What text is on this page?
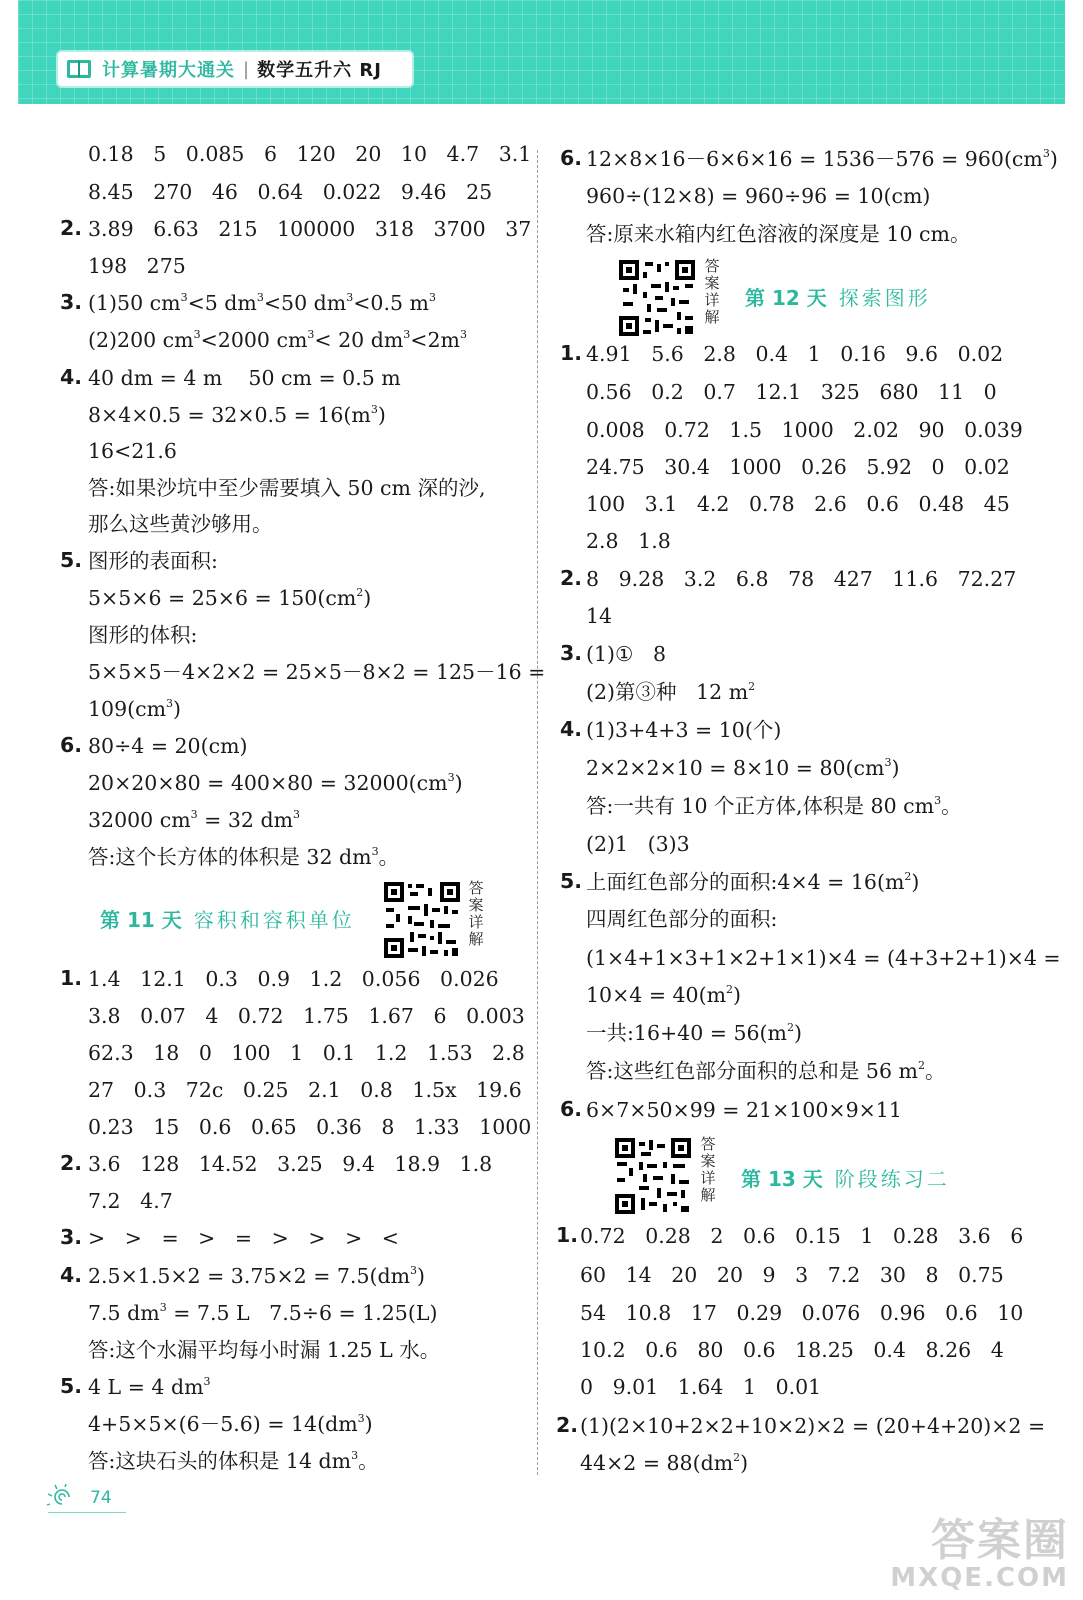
计算暑期大通关 | 数学五升六 RJ
0.18   5   0.085   6   120   20   10   4.7   3.1
8.45   270   46   0.64   0.022   9.46   25
2. 3.89   6.63   215   100000   318   3700   37
198   275
3. (1)50 $cm^3<5$ $dm^3<50$ $dm^3<0.5$ $m^3$
(2)200 $cm^3<2000$ $cm^3< 20$ $dm^3<2m^3$
4. 40 dm = 4 m    50 cm = 0.5 m
$8\times 4\times 0.5 = 32\times 0.5 = 16(m^3)$
16<21.6
答:如果沙坑中至少需要填入 50 cm 深的沙,
那么这些黄沙够用。
5. 图形的表面积:
$5\times 5\times 6 = 25\times 6 = 150(cm^2)$
图形的体积:
5×5×5－4×2×2 = 25×5－8×2 = 125－16 =
$109(cm^3)$
6. 80÷4 = 20(cm)
$20\times 20\times 80 = 400\times 80 = 32000(cm^3)$
32000 $cm^3 = 32$ $dm^3$
答:这个长方体的体积是 32 $dm^3$。
第 11 天 容积和容积单位
答案详解
1. 1.4   12.1   0.3   0.9   1.2   0.056   0.026
3.8   0.07   4   0.72   1.75   1.67   6   0.003
62.3   18   0   100   1   0.1   1.2   1.53   2.8
27   0.3   72c   0.25   2.1   0.8   1.5x   19.6
0.23   15   0.6   0.65   0.36   8   1.33   1000
2. 3.6   128   14.52   3.25   9.4   18.9   1.8
7.2   4.7
3. >   >   =   >   =   >   >   >   <
4. $2.5\times 1.5\times 2 = 3.75\times 2 = 7.5(dm^3)$
7.5 $dm^3 = 7.5$ L   7.5÷6 = 1.25(L)
答:这个水漏平均每小时漏 1.25 L 水。
5. 4 L = 4 $dm^3$
$4+5\times 5\times(6-5.6) = 14(dm^3)$
答:这块石头的体积是 14 $dm^3$。
6. $12\times 8\times 16-6\times 6\times 16 = 1536-576 = 960(cm^3)$
960÷(12×8) = 960÷96 = 10(cm)
答:原来水箱内红色溶液的深度是 10 cm。
答案详解
第 12 天 探索图形
1. 4.91   5.6   2.8   0.4   1   0.16   9.6   0.02
0.56   0.2   0.7   12.1   325   680   11   0
0.008   0.72   1.5   1000   2.02   90   0.039
24.75   30.4   1000   0.26   5.92   0   0.02
100   3.1   4.2   0.78   2.6   0.6   0.48   45
2.8   1.8
2. 8   9.28   3.2   6.8   78   427   11.6   72.27
14
3. (1)①   8
(2)第③种   12 $m^2$
4. (1)3+4+3 = 10(个)
$2\times 2\times 2\times 10 = 8\times 10 = 80(cm^3)$
答:一共有 10 个正方体,体积是 80 $cm^3$。
(2)1   (3)3
5. 上面红色部分的面积:4×4 = $16(m^2)$
四周红色部分的面积:
(1×4+1×3+1×2+1×1)×4 = (4+3+2+1)×4 =
$10\times 4 = 40(m^2)$
一共:16+40 = $56(m^2)$
答:这些红色部分面积的总和是 56 $m^2$。
6. 6×7×50×99 = 21×100×9×11
答案详解
第 13 天 阶段练习二
1. 0.72   0.28   2   0.6   0.15   1   0.28   3.6   6
60   14   20   20   9   3   7.2   30   8   0.75
54   10.8   17   0.29   0.076   0.96   0.6   10
10.2   0.6   80   0.6   18.25   0.4   8.26   4
0   9.01   1.64   1   0.01
2. (1)(2×10+2×2+10×2)×2 = (20+4+20)×2 =
$44\times 2 = 88(dm^2)$
74
答案圈
MXQE.COM
